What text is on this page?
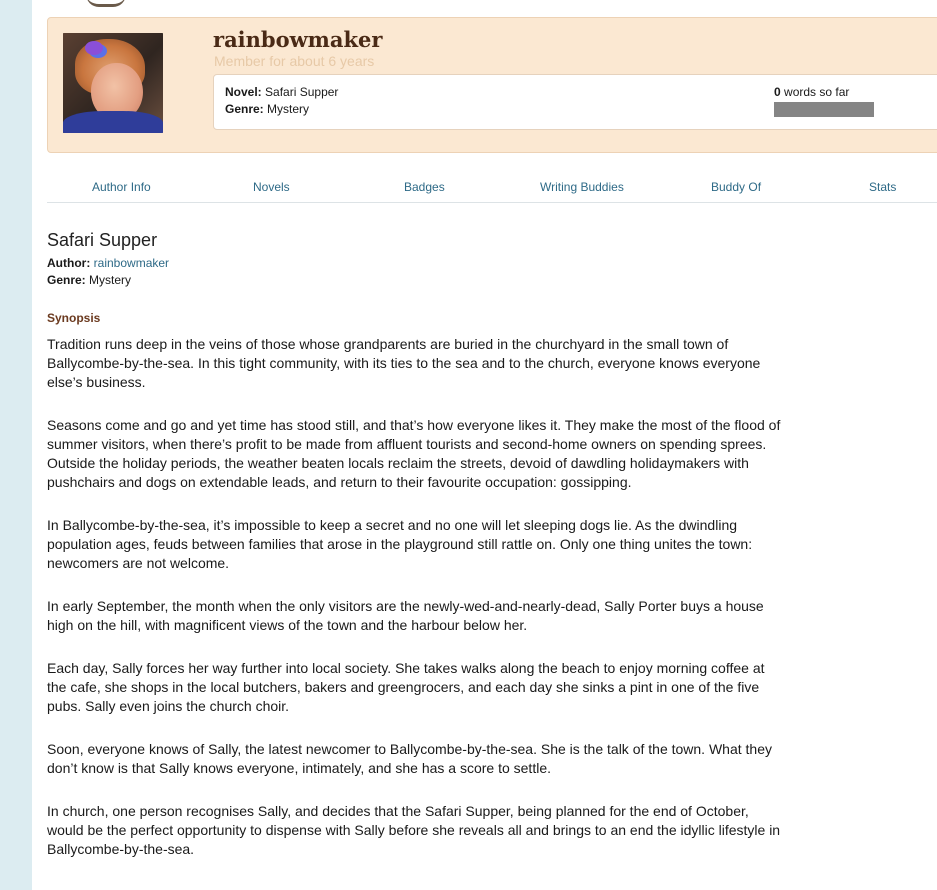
rainbowmaker
Member for about 6 years
Novel: Safari Supper
Genre: Mystery
0 words so far
Author Info	Novels	Badges	Writing Buddies	Buddy Of	Stats
Safari Supper
Author: rainbowmaker
Genre: Mystery
Synopsis

Tradition runs deep in the veins of those whose grandparents are buried in the churchyard in the small town of Ballycombe-by-the-sea. In this tight community, with its ties to the sea and to the church, everyone knows everyone else’s business.

Seasons come and go and yet time has stood still, and that’s how everyone likes it. They make the most of the flood of summer visitors, when there’s profit to be made from affluent tourists and second-home owners on spending sprees. Outside the holiday periods, the weather beaten locals reclaim the streets, devoid of dawdling holidaymakers with pushchairs and dogs on extendable leads, and return to their favourite occupation: gossipping.

In Ballycombe-by-the-sea, it’s impossible to keep a secret and no one will let sleeping dogs lie. As the dwindling population ages, feuds between families that arose in the playground still rattle on. Only one thing unites the town: newcomers are not welcome.

In early September, the month when the only visitors are the newly-wed-and-nearly-dead, Sally Porter buys a house high on the hill, with magnificent views of the town and the harbour below her.

Each day, Sally forces her way further into local society. She takes walks along the beach to enjoy morning coffee at the cafe, she shops in the local butchers, bakers and greengrocers, and each day she sinks a pint in one of the five pubs. Sally even joins the church choir.

Soon, everyone knows of Sally, the latest newcomer to Ballycombe-by-the-sea. She is the talk of the town. What they don’t know is that Sally knows everyone, intimately, and she has a score to settle.

In church, one person recognises Sally, and decides that the Safari Supper, being planned for the end of October, would be the perfect opportunity to dispense with Sally before she reveals all and brings to an end the idyllic lifestyle in Ballycombe-by-the-sea.
